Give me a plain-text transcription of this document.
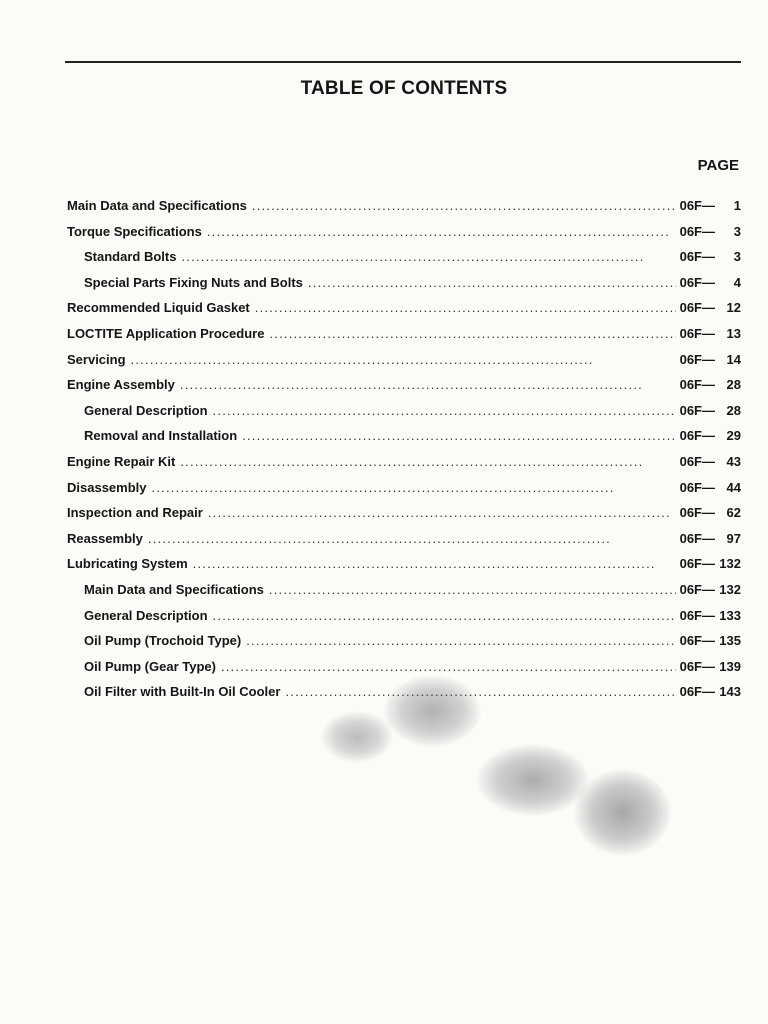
TABLE OF CONTENTS
PAGE
Main Data and Specifications . . .	06F—	1
Torque Specifications . . .	06F—	3
Standard Bolts . . .	06F—	3
Special Parts Fixing Nuts and Bolts . . .	06F—	4
Recommended Liquid Gasket . . .	06F— 12
LOCTITE Application Procedure . . .	06F— 13
Servicing . . .	06F— 14
Engine Assembly . . .	06F— 28
General Description . . .	06F— 28
Removal and Installation . . .	06F— 29
Engine Repair Kit . . .	06F— 43
Disassembly . . .	06F— 44
Inspection and Repair . . .	06F— 62
Reassembly . . .	06F— 97
Lubricating System . . .	06F— 132
Main Data and Specifications . . .	06F— 132
General Description . . .	06F— 133
Oil Pump (Trochoid Type) . . .	06F— 135
Oil Pump (Gear Type) . . .	06F— 139
Oil Filter with Built-In Oil Cooler . . .	06F— 143
